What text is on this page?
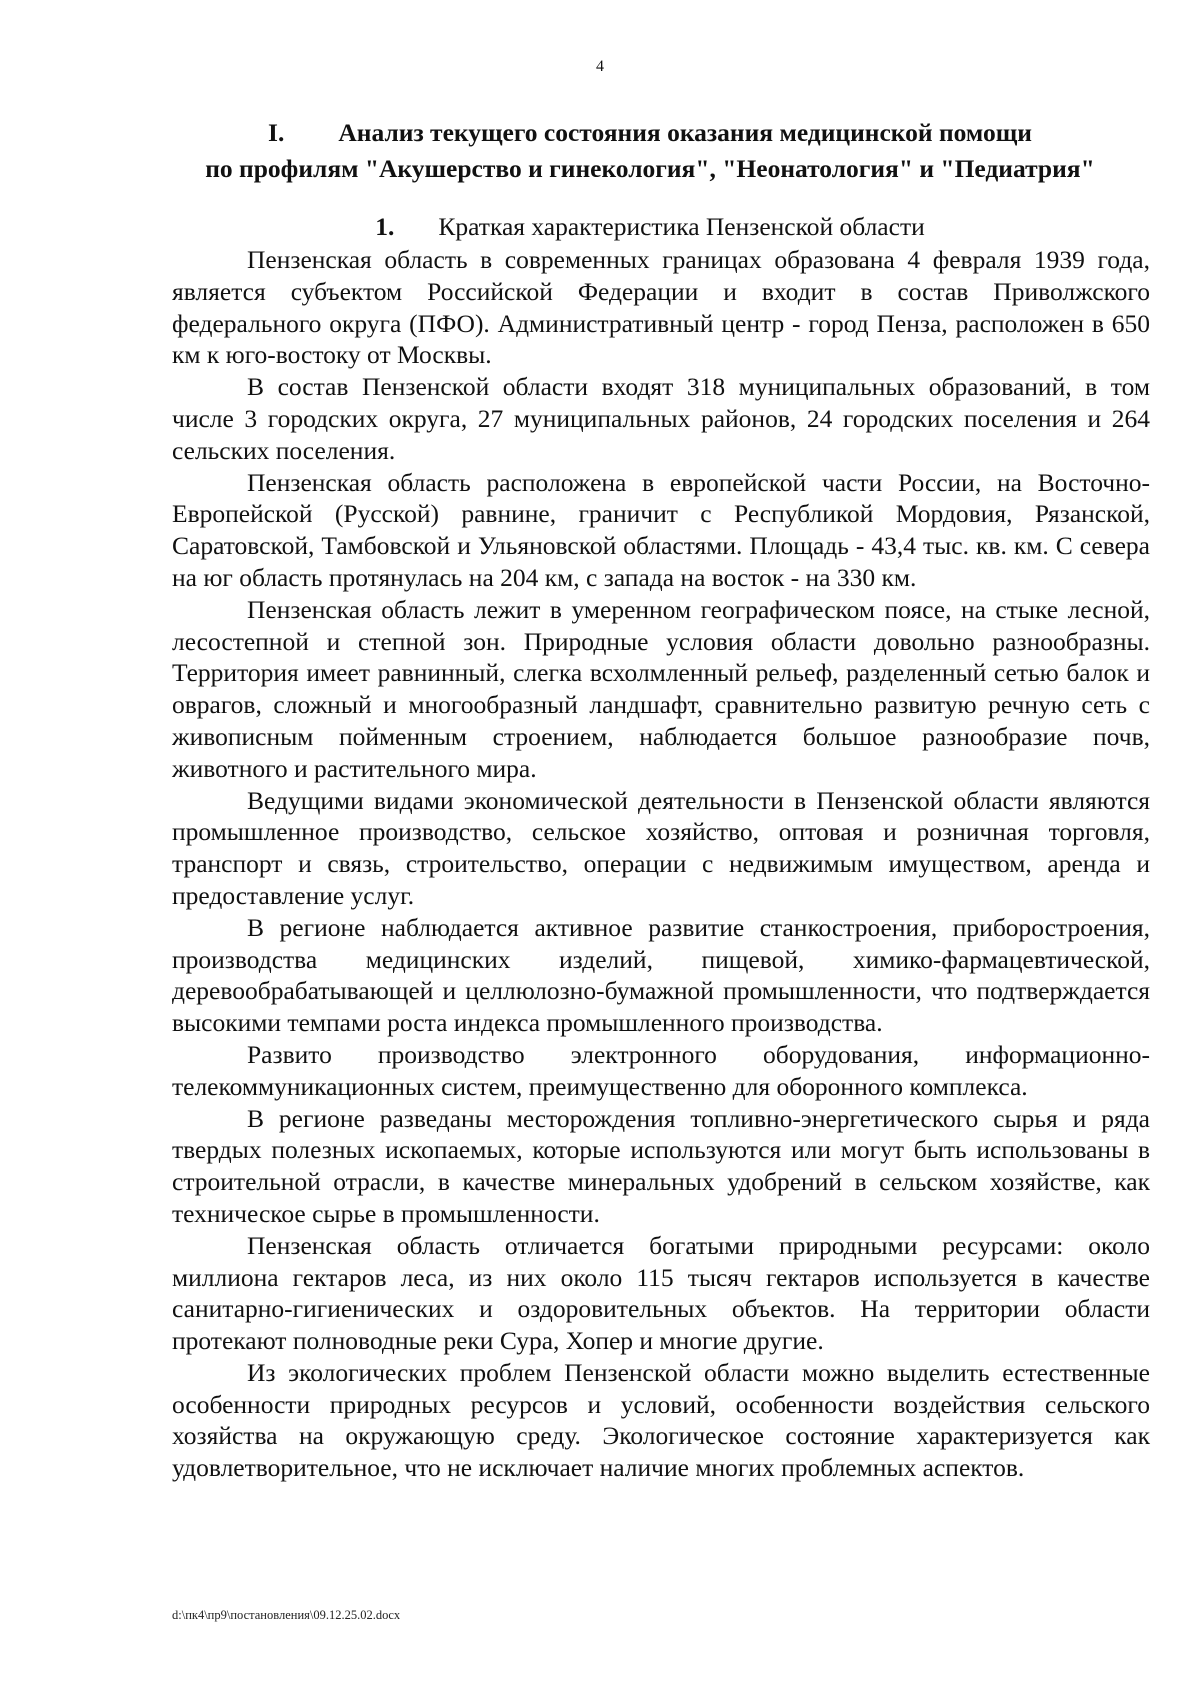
4
I. Анализ текущего состояния оказания медицинской помощи
по профилям "Акушерство и гинекология", "Неонатология" и "Педиатрия"
1. Краткая характеристика Пензенской области

Пензенская область в современных границах образована 4 февраля 1939 года, является субъектом Российской Федерации и входит в состав Приволжского федерального округа (ПФО). Административный центр - город Пенза, расположен в 650 км к юго-востоку от Москвы.

В состав Пензенской области входят 318 муниципальных образований, в том числе 3 городских округа, 27 муниципальных районов, 24 городских поселения и 264 сельских поселения.

Пензенская область расположена в европейской части России, на Восточно-Европейской (Русской) равнине, граничит с Республикой Мордовия, Рязанской, Саратовской, Тамбовской и Ульяновской областями. Площадь - 43,4 тыс. кв. км. С севера на юг область протянулась на 204 км, с запада на восток - на 330 км.

Пензенская область лежит в умеренном географическом поясе, на стыке лесной, лесостепной и степной зон. Природные условия области довольно разнообразны. Территория имеет равнинный, слегка всхолмленный рельеф, разделенный сетью балок и оврагов, сложный и многообразный ландшафт, сравнительно развитую речную сеть с живописным пойменным строением, наблюдается большое разнообразие почв, животного и растительного мира.

Ведущими видами экономической деятельности в Пензенской области являются промышленное производство, сельское хозяйство, оптовая и розничная торговля, транспорт и связь, строительство, операции с недвижимым имуществом, аренда и предоставление услуг.

В регионе наблюдается активное развитие станкостроения, приборостроения, производства медицинских изделий, пищевой, химико-фармацевтической, деревообрабатывающей и целлюлозно-бумажной промышленности, что подтверждается высокими темпами роста индекса промышленного производства.

Развито производство электронного оборудования, информационно-телекоммуникационных систем, преимущественно для оборонного комплекса.

В регионе разведаны месторождения топливно-энергетического сырья и ряда твердых полезных ископаемых, которые используются или могут быть использованы в строительной отрасли, в качестве минеральных удобрений в сельском хозяйстве, как техническое сырье в промышленности.

Пензенская область отличается богатыми природными ресурсами: около миллиона гектаров леса, из них около 115 тысяч гектаров используется в качестве санитарно-гигиенических и оздоровительных объектов. На территории области протекают полноводные реки Сура, Хопер и многие другие.

Из экологических проблем Пензенской области можно выделить естественные особенности природных ресурсов и условий, особенности воздействия сельского хозяйства на окружающую среду. Экологическое состояние характеризуется как удовлетворительное, что не исключает наличие многих проблемных аспектов.

d:\пк4\пр9\постановления\09.12.25.02.docx
